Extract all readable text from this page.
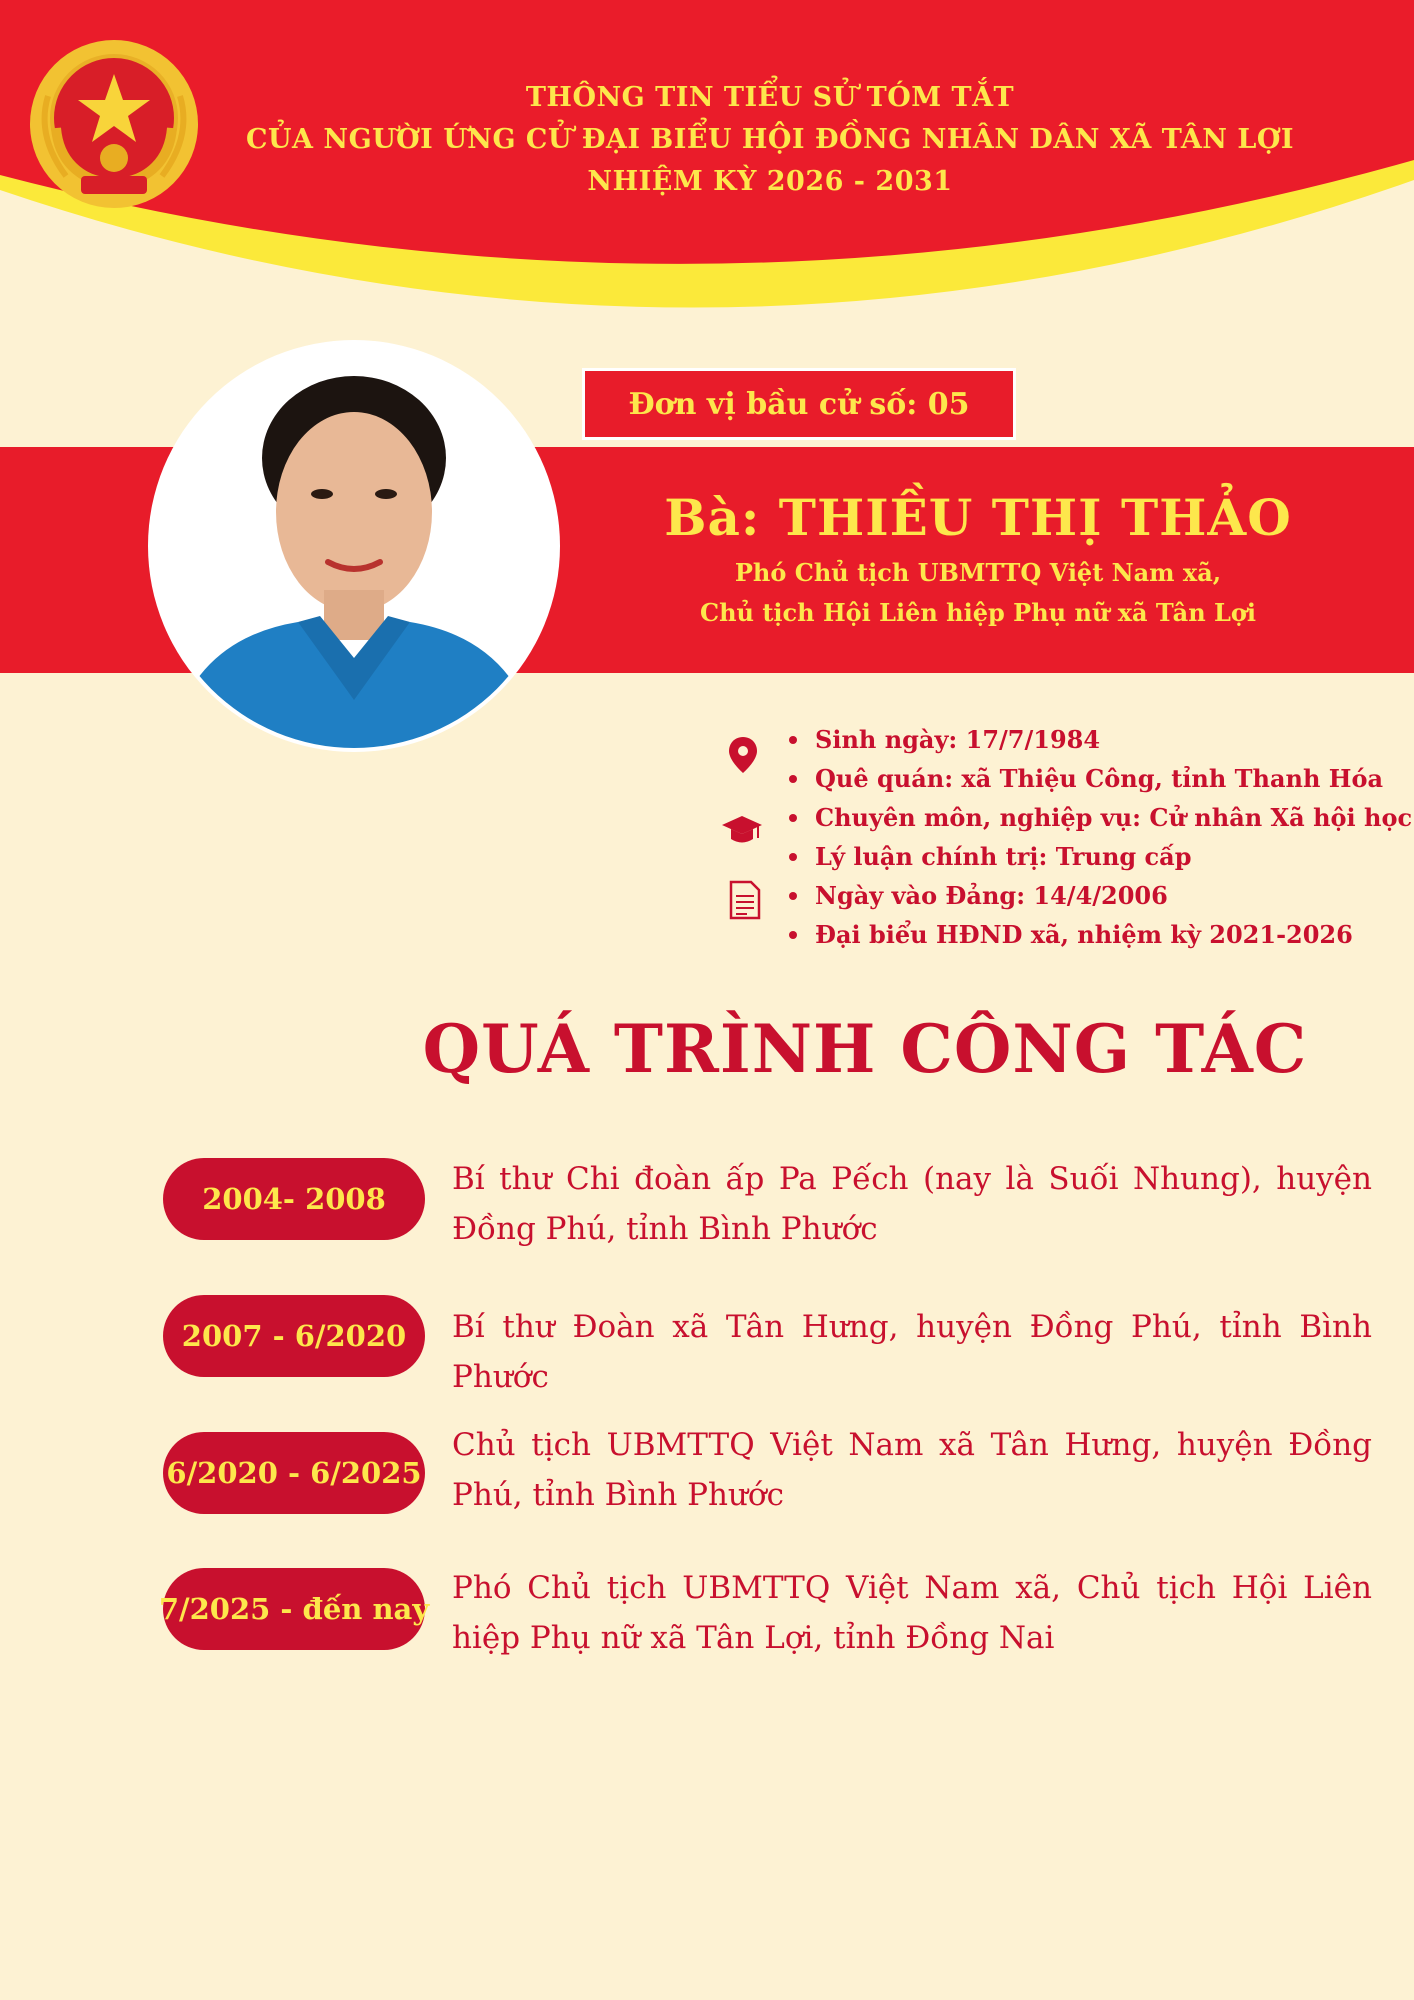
THÔNG TIN TIỂU SỬ TÓM TẮT
CỦA NGƯỜI ỨNG CỬ ĐẠI BIỂU HỘI ĐỒNG NHÂN DÂN XÃ TÂN LỢI
NHIỆM KỲ 2026 - 2031
Đơn vị bầu cử số: 05
Bà: THIỀU THỊ THẢO
Phó Chủ tịch UBMTTQ Việt Nam xã,
Chủ tịch Hội Liên hiệp Phụ nữ xã Tân Lợi
Sinh ngày: 17/7/1984
Quê quán: xã Thiệu Công, tỉnh Thanh Hóa
Chuyên môn, nghiệp vụ: Cử nhân Xã hội học
Lý luận chính trị: Trung cấp
Ngày vào Đảng: 14/4/2006
Đại biểu HĐND xã, nhiệm kỳ 2021-2026
QUÁ TRÌNH CÔNG TÁC
2004- 2008
Bí thư Chi đoàn ấp Pa Pếch (nay là Suối Nhung), huyện Đồng Phú, tỉnh Bình Phước
2007 - 6/2020	Bí thư Đoàn xã Tân Hưng, huyện Đồng Phú, tỉnh Bình Phước
6/2020 - 6/2025
Chủ tịch UBMTTQ Việt Nam xã Tân Hưng, huyện Đồng Phú, tỉnh Bình Phước
7/2025 - đến nay
Phó Chủ tịch UBMTTQ Việt Nam xã, Chủ tịch Hội Liên hiệp Phụ nữ xã Tân Lợi, tỉnh Đồng Nai
